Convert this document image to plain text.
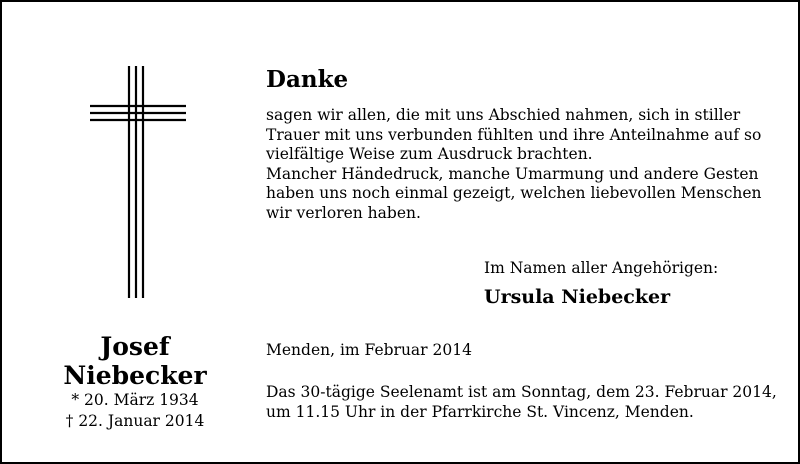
Danke

sagen wir allen, die mit uns Abschied nahmen, sich in stiller
Trauer mit uns verbunden fühlten und ihre Anteilnahme auf so
vielfältige Weise zum Ausdruck brachten.
Mancher Händedruck, manche Umarmung und andere Gesten
haben uns noch einmal gezeigt, welchen liebevollen Menschen
wir verloren haben.

Im Namen aller Angehörigen:

Ursula Niebecker

Josef Niebecker
* 20. März 1934
† 22. Januar 2014

Menden, im Februar 2014

Das 30-tägige Seelenamt ist am Sonntag, dem 23. Februar 2014,
um 11.15 Uhr in der Pfarrkirche St. Vincenz, Menden.
